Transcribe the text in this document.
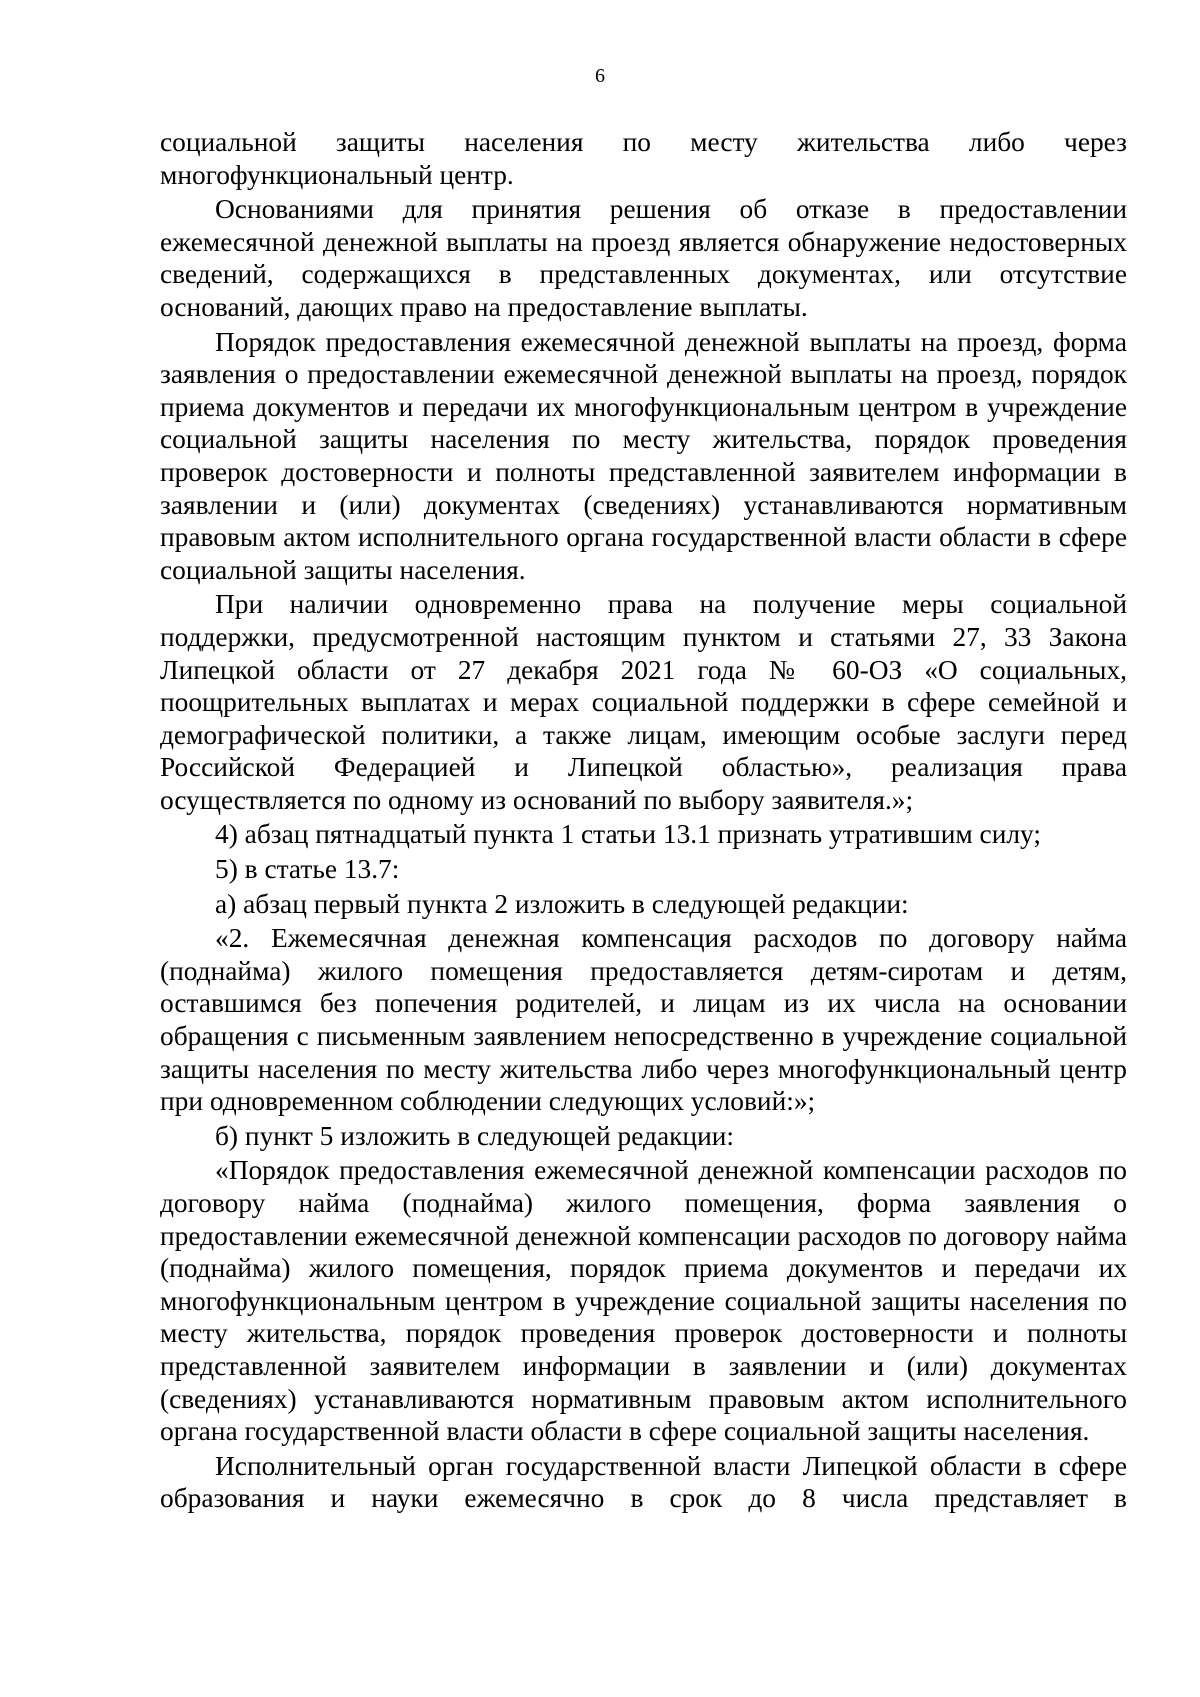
6

социальной защиты населения по месту жительства либо через многофункциональный центр.

Основаниями для принятия решения об отказе в предоставлении ежемесячной денежной выплаты на проезд является обнаружение недостоверных сведений, содержащихся в представленных документах, или отсутствие оснований, дающих право на предоставление выплаты.

Порядок предоставления ежемесячной денежной выплаты на проезд, форма заявления о предоставлении ежемесячной денежной выплаты на проезд, порядок приема документов и передачи их многофункциональным центром в учреждение социальной защиты населения по месту жительства, порядок проведения проверок достоверности и полноты представленной заявителем информации в заявлении и (или) документах (сведениях) устанавливаются нормативным правовым актом исполнительного органа государственной власти области в сфере социальной защиты населения.

При наличии одновременно права на получение меры социальной поддержки, предусмотренной настоящим пунктом и статьями 27, 33 Закона Липецкой области от 27 декабря 2021 года № 60-ОЗ «О социальных, поощрительных выплатах и мерах социальной поддержки в сфере семейной и демографической политики, а также лицам, имеющим особые заслуги перед Российской Федерацией и Липецкой областью», реализация права осуществляется по одному из оснований по выбору заявителя.»;

4) абзац пятнадцатый пункта 1 статьи 13.1 признать утратившим силу;

5) в статье 13.7:

а) абзац первый пункта 2 изложить в следующей редакции:

«2. Ежемесячная денежная компенсация расходов по договору найма (поднайма) жилого помещения предоставляется детям-сиротам и детям, оставшимся без попечения родителей, и лицам из их числа на основании обращения с письменным заявлением непосредственно в учреждение социальной защиты населения по месту жительства либо через многофункциональный центр при одновременном соблюдении следующих условий:»;

б) пункт 5 изложить в следующей редакции:

«Порядок предоставления ежемесячной денежной компенсации расходов по договору найма (поднайма) жилого помещения, форма заявления о предоставлении ежемесячной денежной компенсации расходов по договору найма (поднайма) жилого помещения, порядок приема документов и передачи их многофункциональным центром в учреждение социальной защиты населения по месту жительства, порядок проведения проверок достоверности и полноты представленной заявителем информации в заявлении и (или) документах (сведениях) устанавливаются нормативным правовым актом исполнительного органа государственной власти области в сфере социальной защиты населения.

Исполнительный орган государственной власти Липецкой области в сфере образования и науки ежемесячно в срок до 8 числа представляет в
